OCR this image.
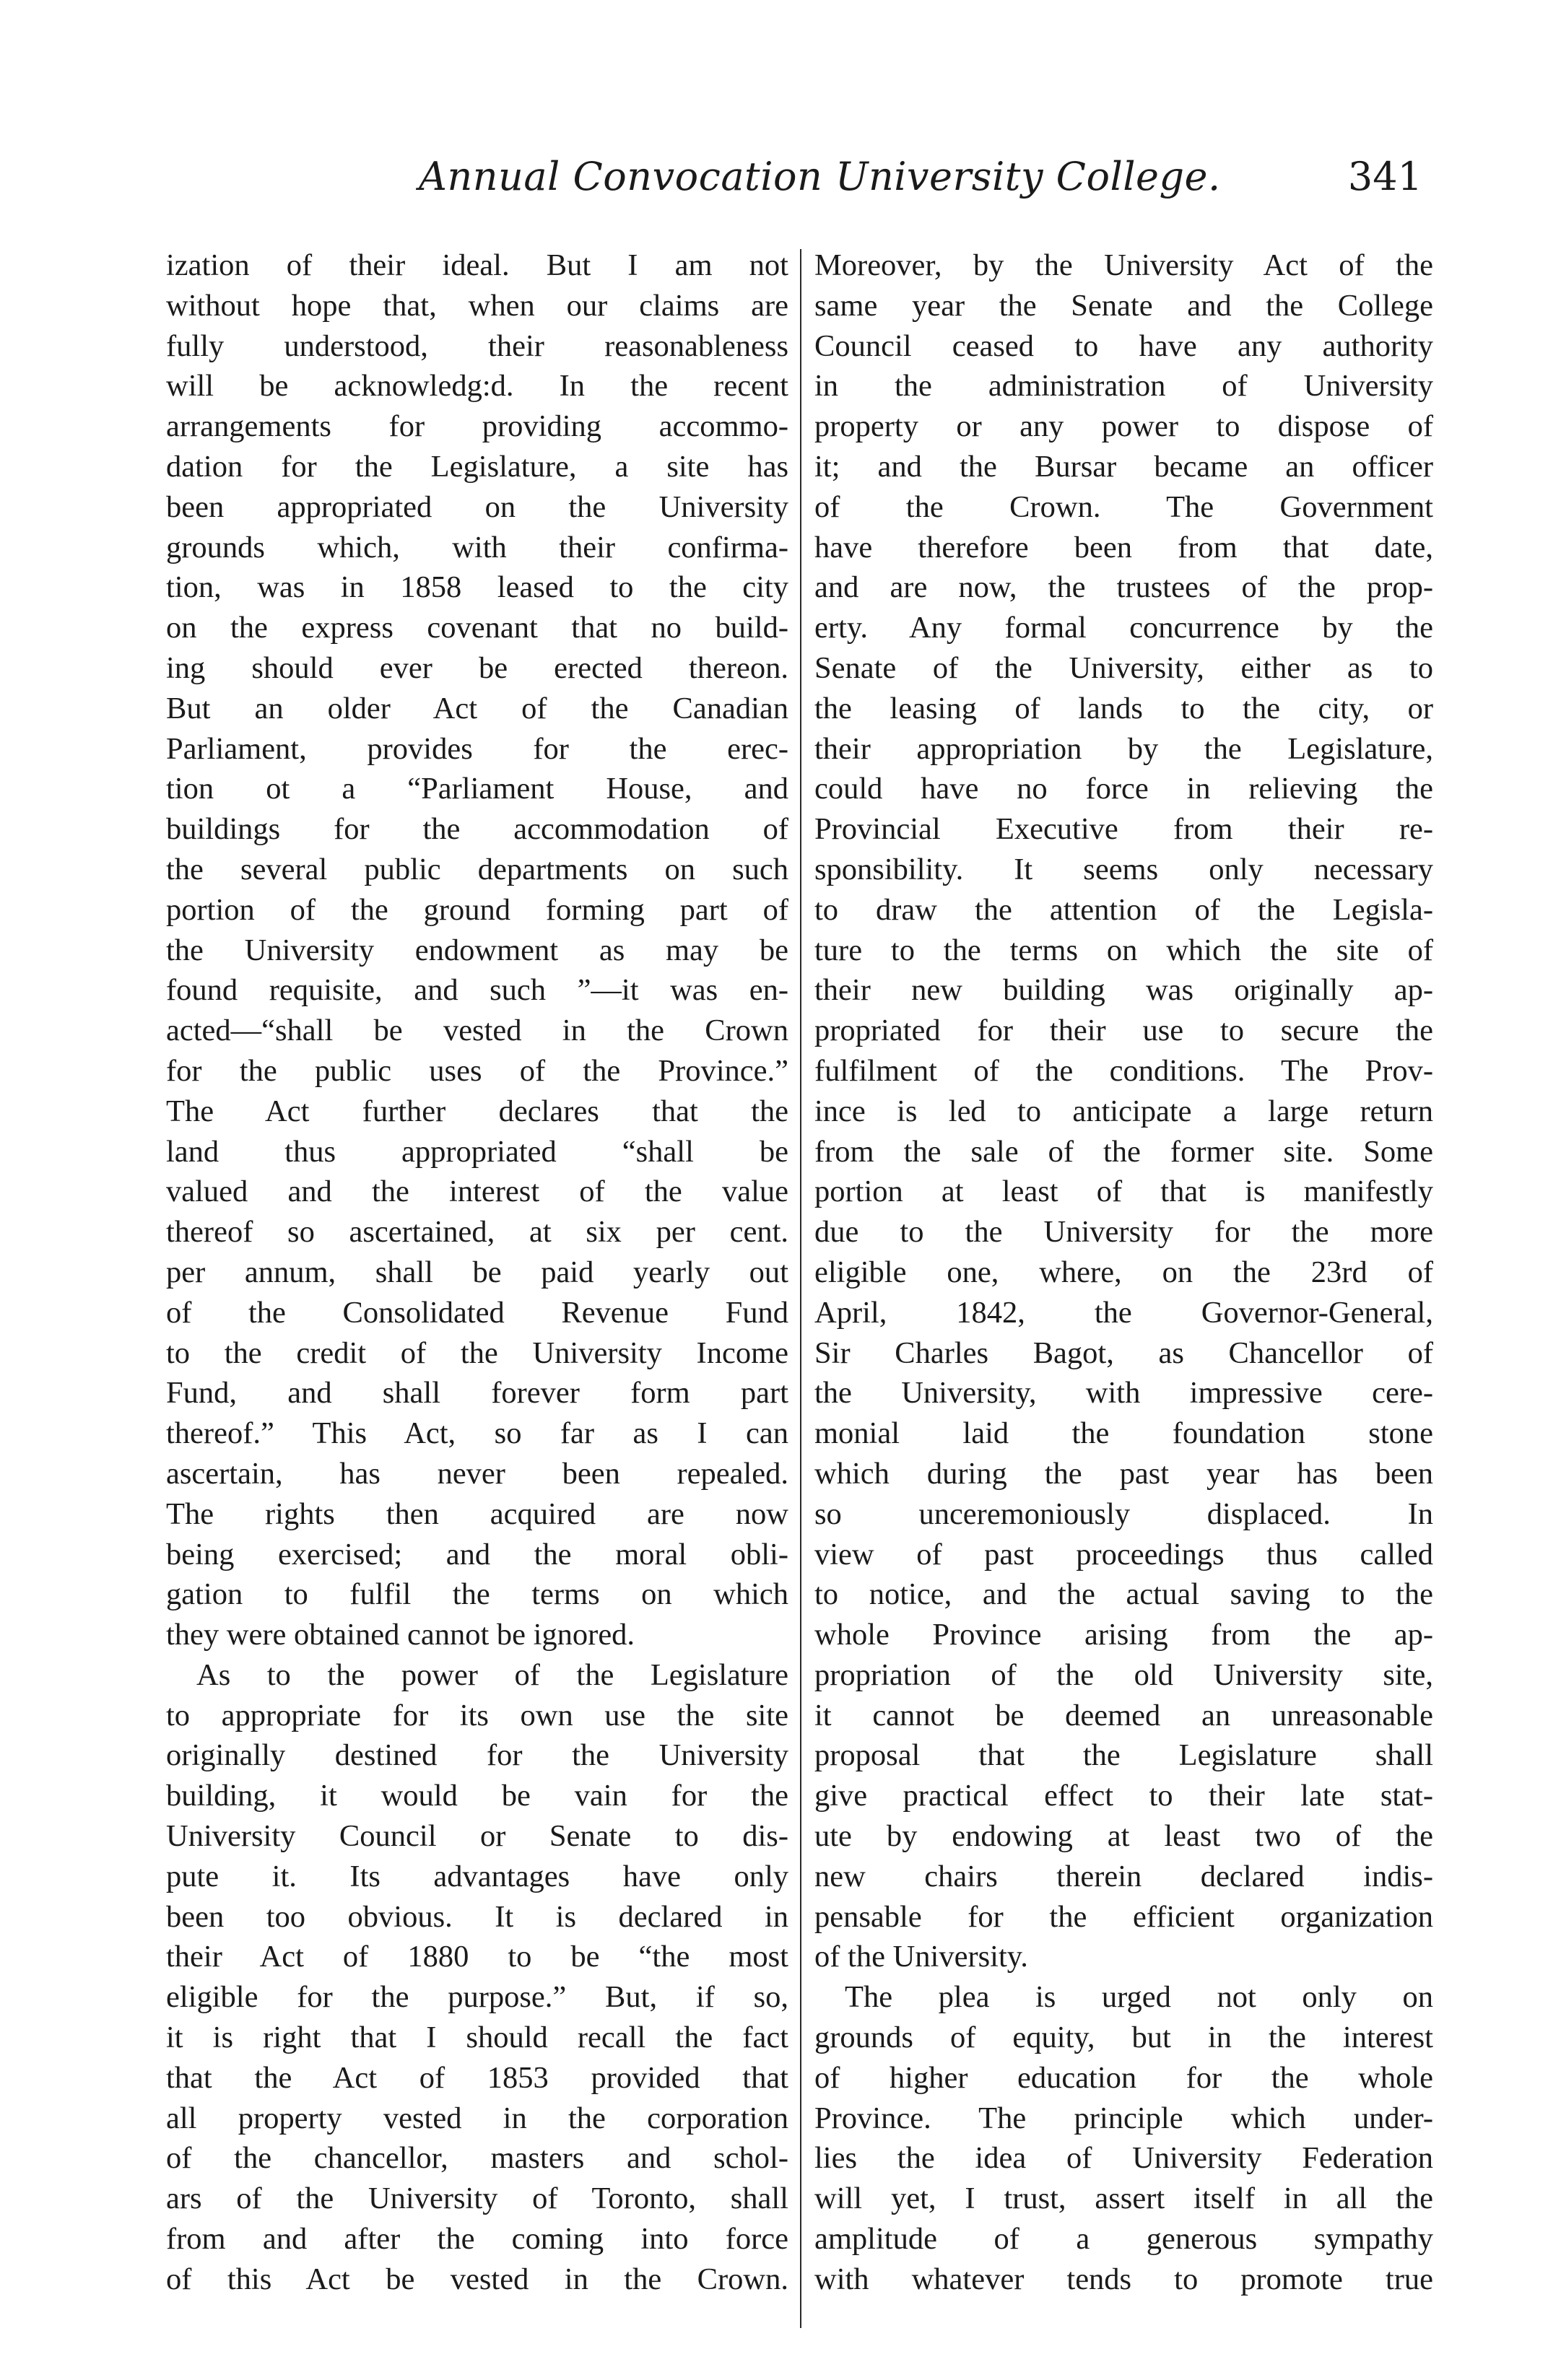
Annual Convocation University College.	341
ization of their ideal. But I am not
without hope that, when our claims are
fully understood, their reasonableness
will be acknowledg:d. In the recent
arrangements for providing accommo-
dation for the Legislature, a site has
been appropriated on the University
grounds which, with their confirma-
tion, was in 1858 leased to the city
on the express covenant that no build-
ing should ever be erected thereon.
But an older Act of the Canadian
Parliament, provides for the erec-
tion ot a “Parliament House, and
buildings for the accommodation of
the several public departments on such
portion of the ground forming part of
the University endowment as may be
found requisite, and such ”—it was en-
acted—“shall be vested in the Crown
for the public uses of the Province.”
The Act further declares that the
land thus appropriated “shall be
valued and the interest of the value
thereof so ascertained, at six per cent.
per annum, shall be paid yearly out
of the Consolidated Revenue Fund
to the credit of the University Income
Fund, and shall forever form part
thereof.” This Act, so far as I can
ascertain, has never been repealed.
The rights then acquired are now
being exercised; and the moral obli-
gation to fulfil the terms on which
they were obtained cannot be ignored.
As to the power of the Legislature
to appropriate for its own use the site
originally destined for the University
building, it would be vain for the
University Council or Senate to dis-
pute it. Its advantages have only
been too obvious. It is declared in
their Act of 1880 to be “the most
eligible for the purpose.” But, if so,
it is right that I should recall the fact
that the Act of 1853 provided that
all property vested in the corporation
of the chancellor, masters and schol-
ars of the University of Toronto, shall
from and after the coming into force
of this Act be vested in the Crown.
Moreover, by the University Act of the
same year the Senate and the College
Council ceased to have any authority
in the administration of University
property or any power to dispose of
it; and the Bursar became an officer
of the Crown. The Government
have therefore been from that date,
and are now, the trustees of the prop-
erty. Any formal concurrence by the
Senate of the University, either as to
the leasing of lands to the city, or
their appropriation by the Legislature,
could have no force in relieving the
Provincial Executive from their re-
sponsibility. It seems only necessary
to draw the attention of the Legisla-
ture to the terms on which the site of
their new building was originally ap-
propriated for their use to secure the
fulfilment of the conditions. The Prov-
ince is led to anticipate a large return
from the sale of the former site. Some
portion at least of that is manifestly
due to the University for the more
eligible one, where, on the 23rd of
April, 1842, the Governor-General,
Sir Charles Bagot, as Chancellor of
the University, with impressive cere-
monial laid the foundation stone
which during the past year has been
so unceremoniously displaced. In
view of past proceedings thus called
to notice, and the actual saving to the
whole Province arising from the ap-
propriation of the old University site,
it cannot be deemed an unreasonable
proposal that the Legislature shall
give practical effect to their late stat-
ute by endowing at least two of the
new chairs therein declared indis-
pensable for the efficient organization
of the University.
The plea is urged not only on
grounds of equity, but in the interest
of higher education for the whole
Province. The principle which under-
lies the idea of University Federation
will yet, I trust, assert itself in all the
amplitude of a generous sympathy
with whatever tends to promote true
